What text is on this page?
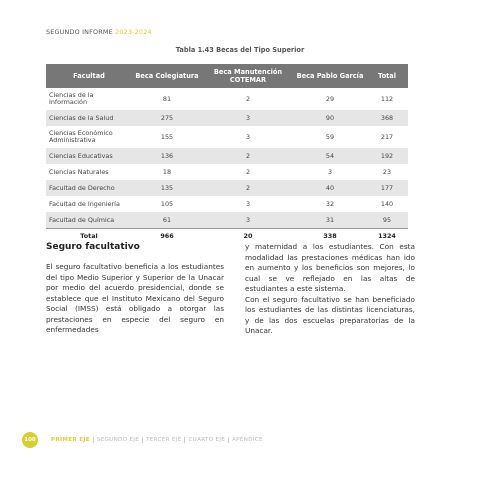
SEGUNDO INFORME 2023-2024
Tabla 1.43 Becas del Tipo Superior
Facultad	Beca Colegiatura	Beca Manutención COTEMAR	Beca Pablo García	Total
Ciencias de la Información	81	2	29	112
Ciencias de la Salud	275	3	90	368
Ciencias Económico Administrativa	155	3	59	217
Ciencias Educativas	136	2	54	192
Ciencias Naturales	18	2	3	23
Facultad de Derecho	135	2	40	177
Facultad de Ingeniería	105	3	32	140
Facultad de Química	61	3	31	95
Total	966	20	338	1324
Seguro facultativo
El seguro facultativo beneficia a los estudiantes del tipo Medio Superior y Superior de la Unacar por medio del acuerdo presidencial, donde se establece que el Instituto Mexicano del Seguro Social (IMSS) está obligado a otorgar las prestaciones en especie del seguro en enfermedades

y maternidad a los estudiantes. Con esta modalidad las prestaciones médicas han ido en aumento y los beneficios son mejores, lo cual se ve reflejado en las altas de estudiantes a este sistema.

Con el seguro facultativo se han beneficiado los estudiantes de las distintas licenciaturas, y de las dos escuelas preparatorias de la Unacar.

100	PRIMER EJE	SEGUNDO EJE	TERCER EJE	CUARTO EJE	APÉNDICE
